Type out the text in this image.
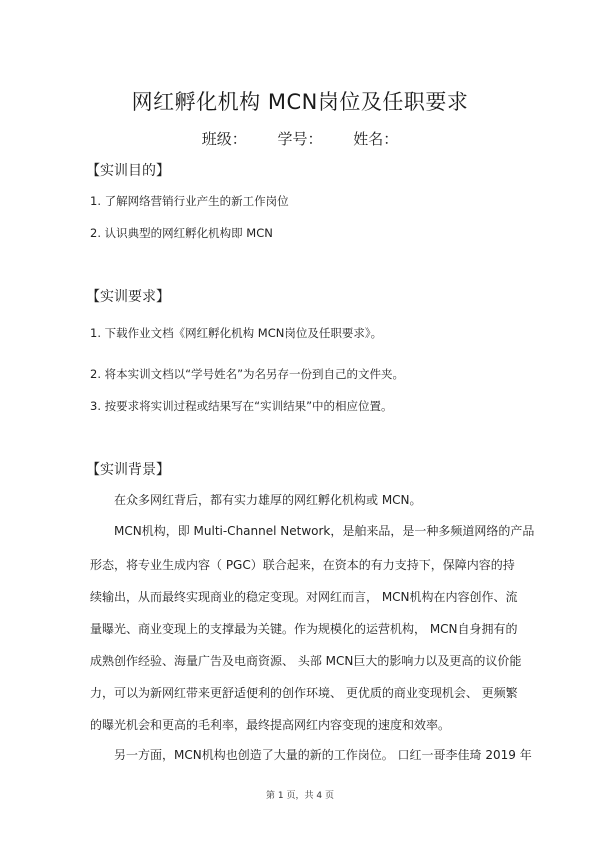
网红孵化机构 MCN岗位及任职要求
班级： 学号： 姓名：
【实训目的】
1. 了解网络营销行业产生的新工作岗位
2. 认识典型的网红孵化机构即 MCN
【实训要求】
1. 下载作业文档《网红孵化机构 MCN岗位及任职要求》。
2. 将本实训文档以“学号姓名”为名另存一份到自己的文件夹。
3. 按要求将实训过程或结果写在“实训结果”中的相应位置。
【实训背景】
在众多网红背后，都有实力雄厚的网红孵化机构或 MCN。
MCN机构，即 Multi-Channel Network，是舶来品，是一种多频道网络的产品
形态，将专业生成内容（ PGC）联合起来，在资本的有力支持下，保障内容的持
续输出，从而最终实现商业的稳定变现。对网红而言， MCN机构在内容创作、流
量曝光、商业变现上的支撑最为关键。作为规模化的运营机构， MCN自身拥有的
成熟创作经验、海量广告及电商资源、 头部 MCN巨大的影响力以及更高的议价能
力，可以为新网红带来更舒适便利的创作环境、 更优质的商业变现机会、 更频繁
的曝光机会和更高的毛利率，最终提高网红内容变现的速度和效率。
另一方面，MCN机构也创造了大量的新的工作岗位。 口红一哥李佳琦 2019 年
第 1 页，共 4 页
